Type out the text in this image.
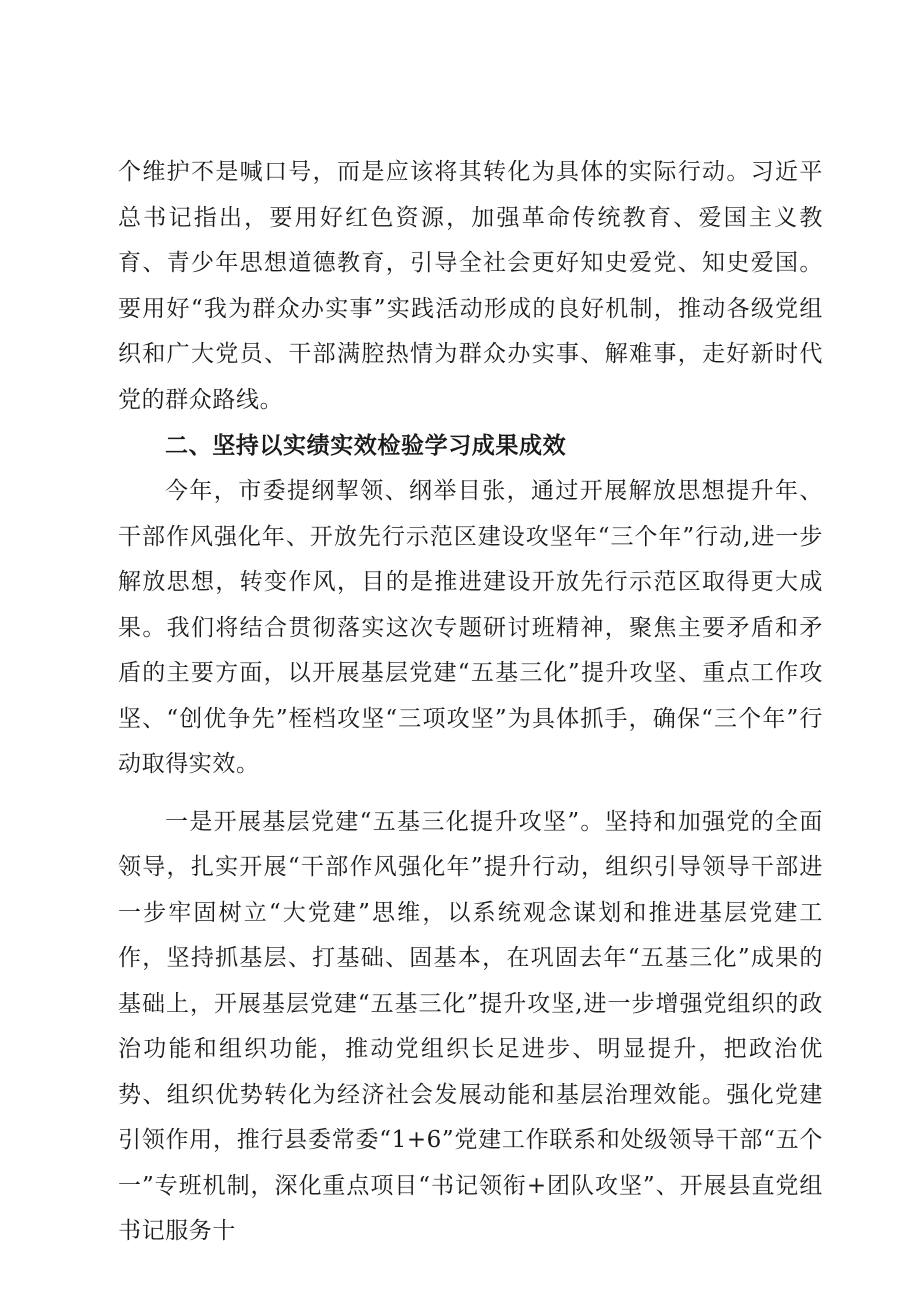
个维护不是喊口号，而是应该将其转化为具体的实际行动。习近平总书记指出，要用好红色资源，加强革命传统教育、爱国主义教育、青少年思想道德教育，引导全社会更好知史爱党、知史爱国。要用好“我为群众办实事”实践活动形成的良好机制，推动各级党组织和广大党员、干部满腔热情为群众办实事、解难事，走好新时代党的群众路线。

二、坚持以实绩实效检验学习成果成效

今年，市委提纲挈领、纲举目张，通过开展解放思想提升年、干部作风强化年、开放先行示范区建设攻坚年“三个年”行动,进一步解放思想，转变作风，目的是推进建设开放先行示范区取得更大成果。我们将结合贯彻落实这次专题研讨班精神，聚焦主要矛盾和矛盾的主要方面，以开展基层党建“五基三化”提升攻坚、重点工作攻坚、“创优争先”桎档攻坚“三项攻坚”为具体抓手，确保“三个年”行动取得实效。

一是开展基层党建“五基三化提升攻坚”。坚持和加强党的全面领导，扎实开展“干部作风强化年”提升行动，组织引导领导干部进一步牢固树立“大党建”思维，以系统观念谋划和推进基层党建工作，坚持抓基层、打基础、固基本，在巩固去年“五基三化”成果的基础上，开展基层党建“五基三化”提升攻坚,进一步增强党组织的政治功能和组织功能，推动党组织长足进步、明显提升，把政治优势、组织优势转化为经济社会发展动能和基层治理效能。强化党建引领作用，推行县委常委“1+6”党建工作联系和处级领导干部“五个一”专班机制，深化重点项目“书记领衔+团队攻坚”、开展县直党组书记服务十
